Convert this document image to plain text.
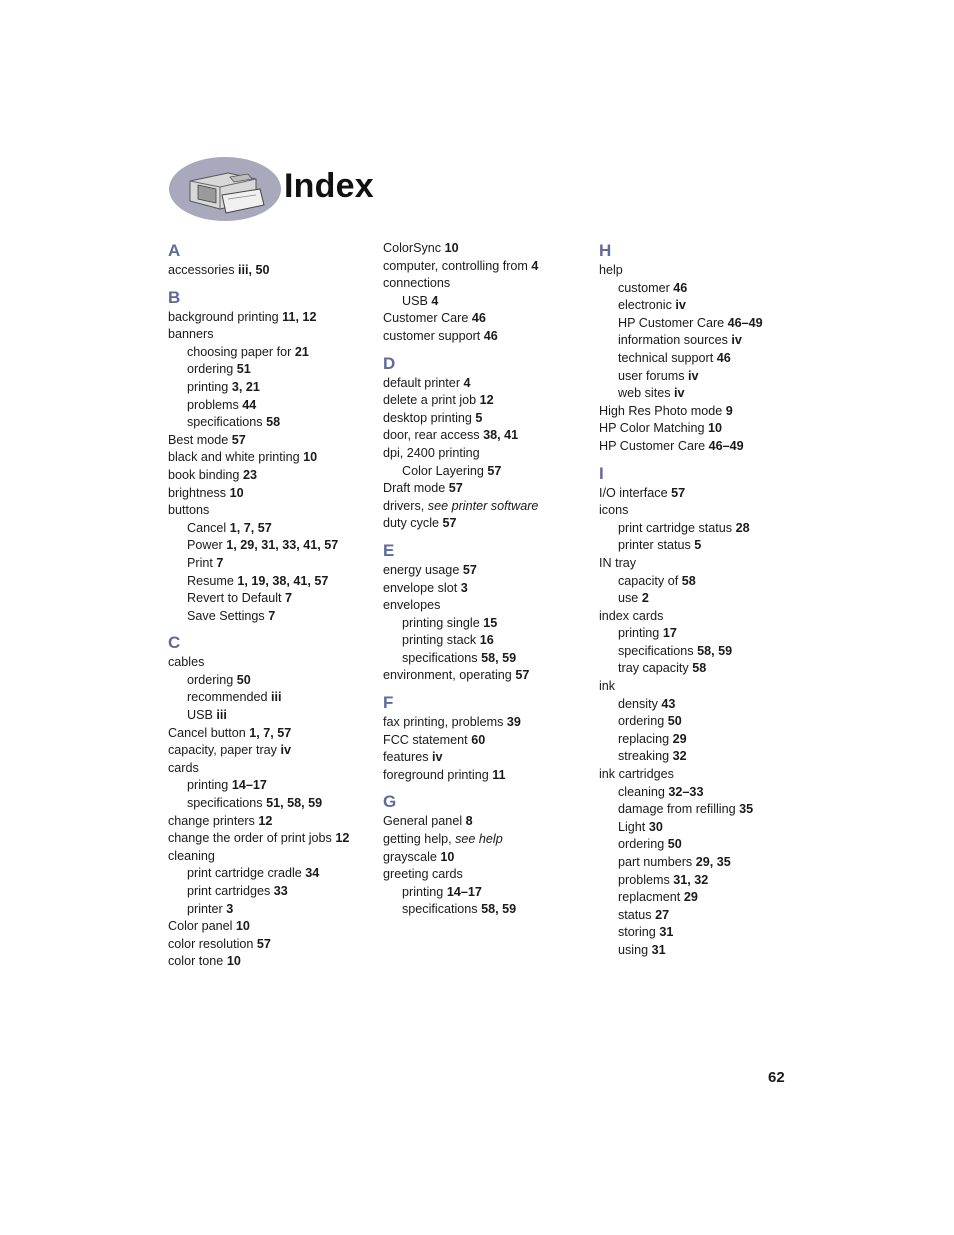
Index
A
accessories iii, 50
B
background printing 11, 12
banners
choosing paper for 21
ordering 51
printing 3, 21
problems 44
specifications 58
Best mode 57
black and white printing 10
book binding 23
brightness 10
buttons
Cancel 1, 7, 57
Power 1, 29, 31, 33, 41, 57
Print 7
Resume 1, 19, 38, 41, 57
Revert to Default 7
Save Settings 7
C
cables
ordering 50
recommended iii
USB iii
Cancel button 1, 7, 57
capacity, paper tray iv
cards
printing 14–17
specifications 51, 58, 59
change printers 12
change the order of print jobs 12
cleaning
print cartridge cradle 34
print cartridges 33
printer 3
Color panel 10
color resolution 57
color tone 10
ColorSync 10
computer, controlling from 4
connections
USB 4
Customer Care 46
customer support 46
D
default printer 4
delete a print job 12
desktop printing 5
door, rear access 38, 41
dpi, 2400 printing
Color Layering 57
Draft mode 57
drivers, see printer software
duty cycle 57
E
energy usage 57
envelope slot 3
envelopes
printing single 15
printing stack 16
specifications 58, 59
environment, operating 57
F
fax printing, problems 39
FCC statement 60
features iv
foreground printing 11
G
General panel 8
getting help, see help
grayscale 10
greeting cards
printing 14–17
specifications 58, 59
H
help
customer 46
electronic iv
HP Customer Care 46–49
information sources iv
technical support 46
user forums iv
web sites iv
High Res Photo mode 9
HP Color Matching 10
HP Customer Care 46–49
I
I/O interface 57
icons
print cartridge status 28
printer status 5
IN tray
capacity of 58
use 2
index cards
printing 17
specifications 58, 59
tray capacity 58
ink
density 43
ordering 50
replacing 29
streaking 32
ink cartridges
cleaning 32–33
damage from refilling 35
Light 30
ordering 50
part numbers 29, 35
problems 31, 32
replacment 29
status 27
storing 31
using 31
62
